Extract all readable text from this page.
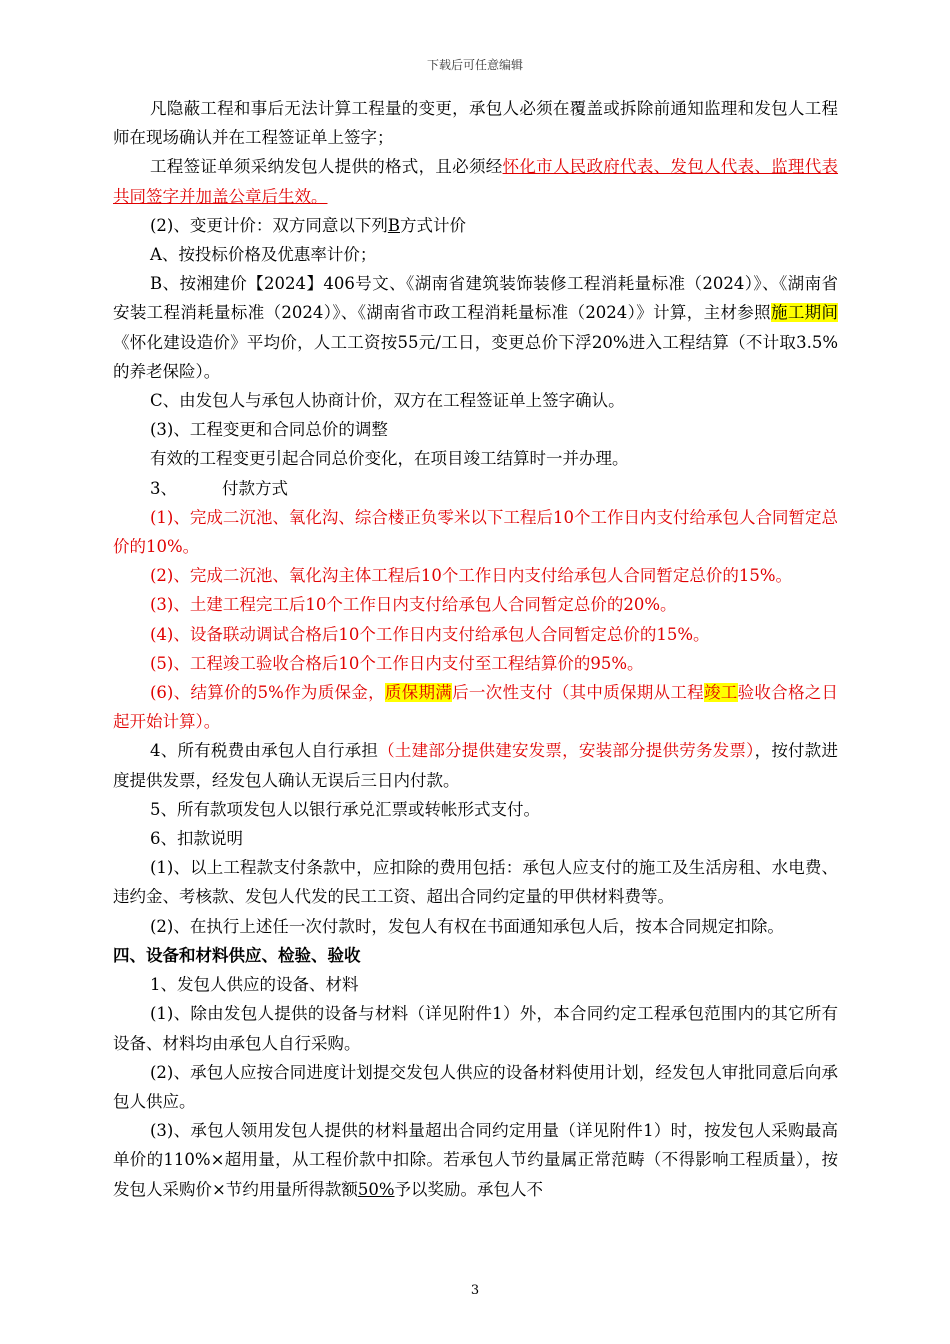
下载后可任意编辑

凡隐蔽工程和事后无法计算工程量的变更，承包人必须在覆盖或拆除前通知监理和发包人工程师在现场确认并在工程签证单上签字；

工程签证单须采纳发包人提供的格式，且必须经怀化市人民政府代表、发包人代表、监理代表共同签字并加盖公章后生效。

(2)、变更计价：双方同意以下列B方式计价

A、按投标价格及优惠率计价；

B、按湘建价【2024】406号文、《湖南省建筑装饰装修工程消耗量标准（2024）》、《湖南省安装工程消耗量标准（2024）》、《湖南省市政工程消耗量标准（2024）》计算，主材参照施工期间《怀化建设造价》平均价，人工工资按55元/工日，变更总价下浮20%进入工程结算（不计取3.5%的养老保险）。

C、由发包人与承包人协商计价，双方在工程签证单上签字确认。

(3)、工程变更和合同总价的调整

有效的工程变更引起合同总价变化，在项目竣工结算时一并办理。

3、	付款方式

(1)、完成二沉池、氧化沟、综合楼正负零米以下工程后10个工作日内支付给承包人合同暂定总价的10%。

(2)、完成二沉池、氧化沟主体工程后10个工作日内支付给承包人合同暂定总价的15%。

(3)、土建工程完工后10个工作日内支付给承包人合同暂定总价的20%。

(4)、设备联动调试合格后10个工作日内支付给承包人合同暂定总价的15%。

(5)、工程竣工验收合格后10个工作日内支付至工程结算价的95%。

(6)、结算价的5%作为质保金，质保期满后一次性支付（其中质保期从工程竣工验收合格之日起开始计算）。

4、所有税费由承包人自行承担（土建部分提供建安发票，安装部分提供劳务发票），按付款进度提供发票，经发包人确认无误后三日内付款。

5、所有款项发包人以银行承兑汇票或转帐形式支付。

6、扣款说明

(1)、以上工程款支付条款中，应扣除的费用包括：承包人应支付的施工及生活房租、水电费、违约金、考核款、发包人代发的民工工资、超出合同约定量的甲供材料费等。

(2)、在执行上述任一次付款时，发包人有权在书面通知承包人后，按本合同规定扣除。

四、设备和材料供应、检验、验收

1、发包人供应的设备、材料

(1)、除由发包人提供的设备与材料（详见附件1）外，本合同约定工程承包范围内的其它所有设备、材料均由承包人自行采购。

(2)、承包人应按合同进度计划提交发包人供应的设备材料使用计划，经发包人审批同意后向承包人供应。

(3)、承包人领用发包人提供的材料量超出合同约定用量（详见附件1）时，按发包人采购最高单价的110%×超用量，从工程价款中扣除。若承包人节约量属正常范畴（不得影响工程质量），按发包人采购价×节约用量所得款额50%予以奖励。承包人不

3
